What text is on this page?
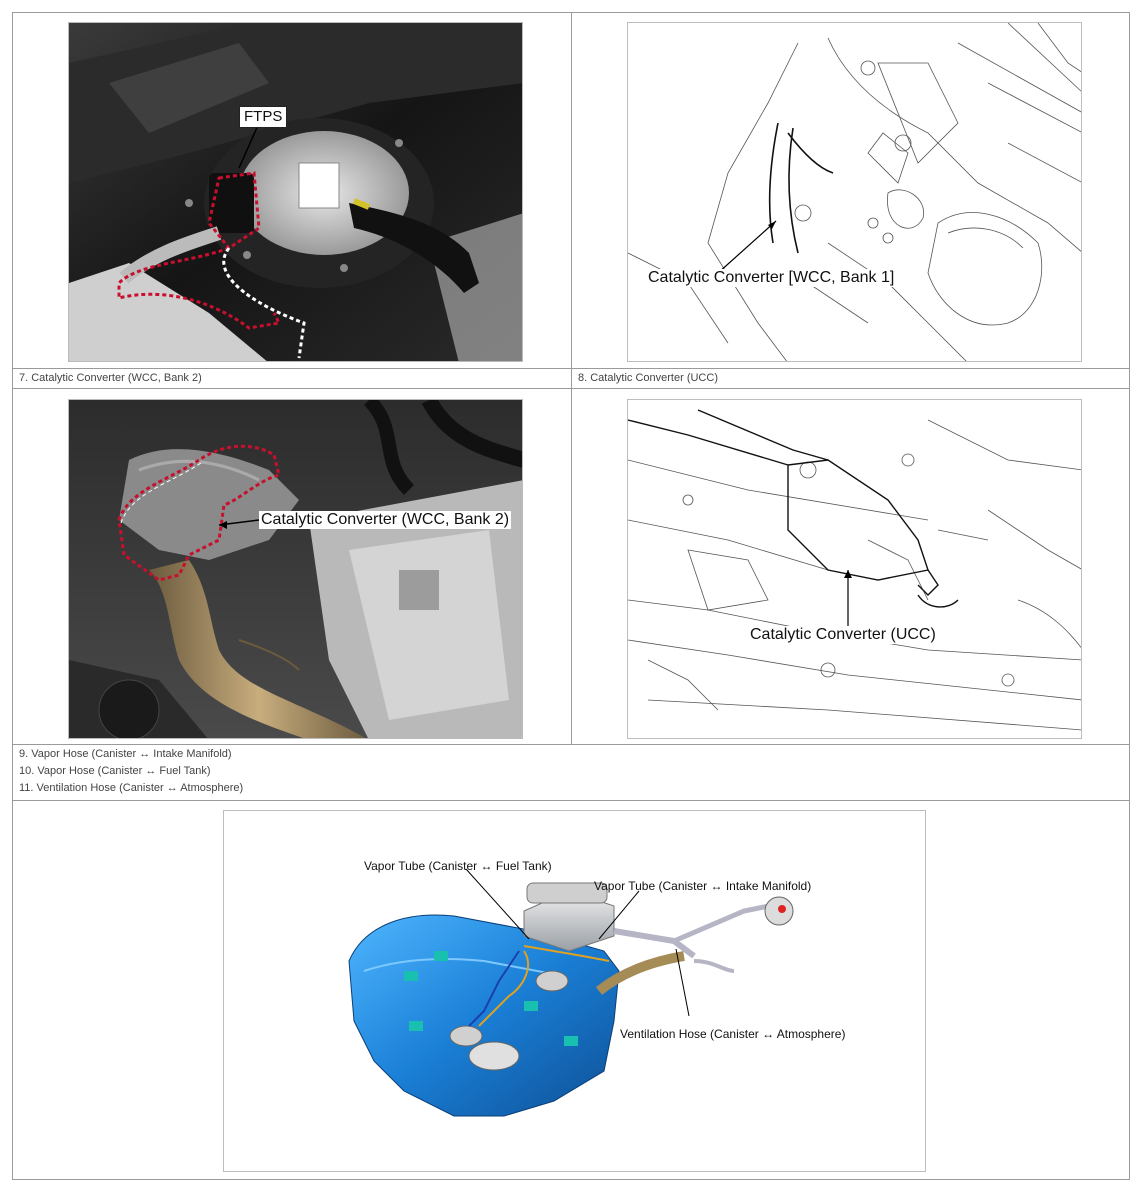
FTPS
Catalytic Converter [WCC, Bank 1]
7. Catalytic Converter (WCC, Bank 2)	8. Catalytic Converter (UCC)
Catalytic Converter (WCC, Bank 2)
Catalytic Converter (UCC)
9. Vapor Hose (Canister ↔ Intake Manifold)
10. Vapor Hose (Canister ↔ Fuel Tank)
11. Ventilation Hose (Canister ↔ Atmosphere)
Vapor Tube (Canister ↔ Fuel Tank)
Vapor Tube (Canister ↔ Intake Manifold)
Ventilation Hose (Canister ↔ Atmosphere)
